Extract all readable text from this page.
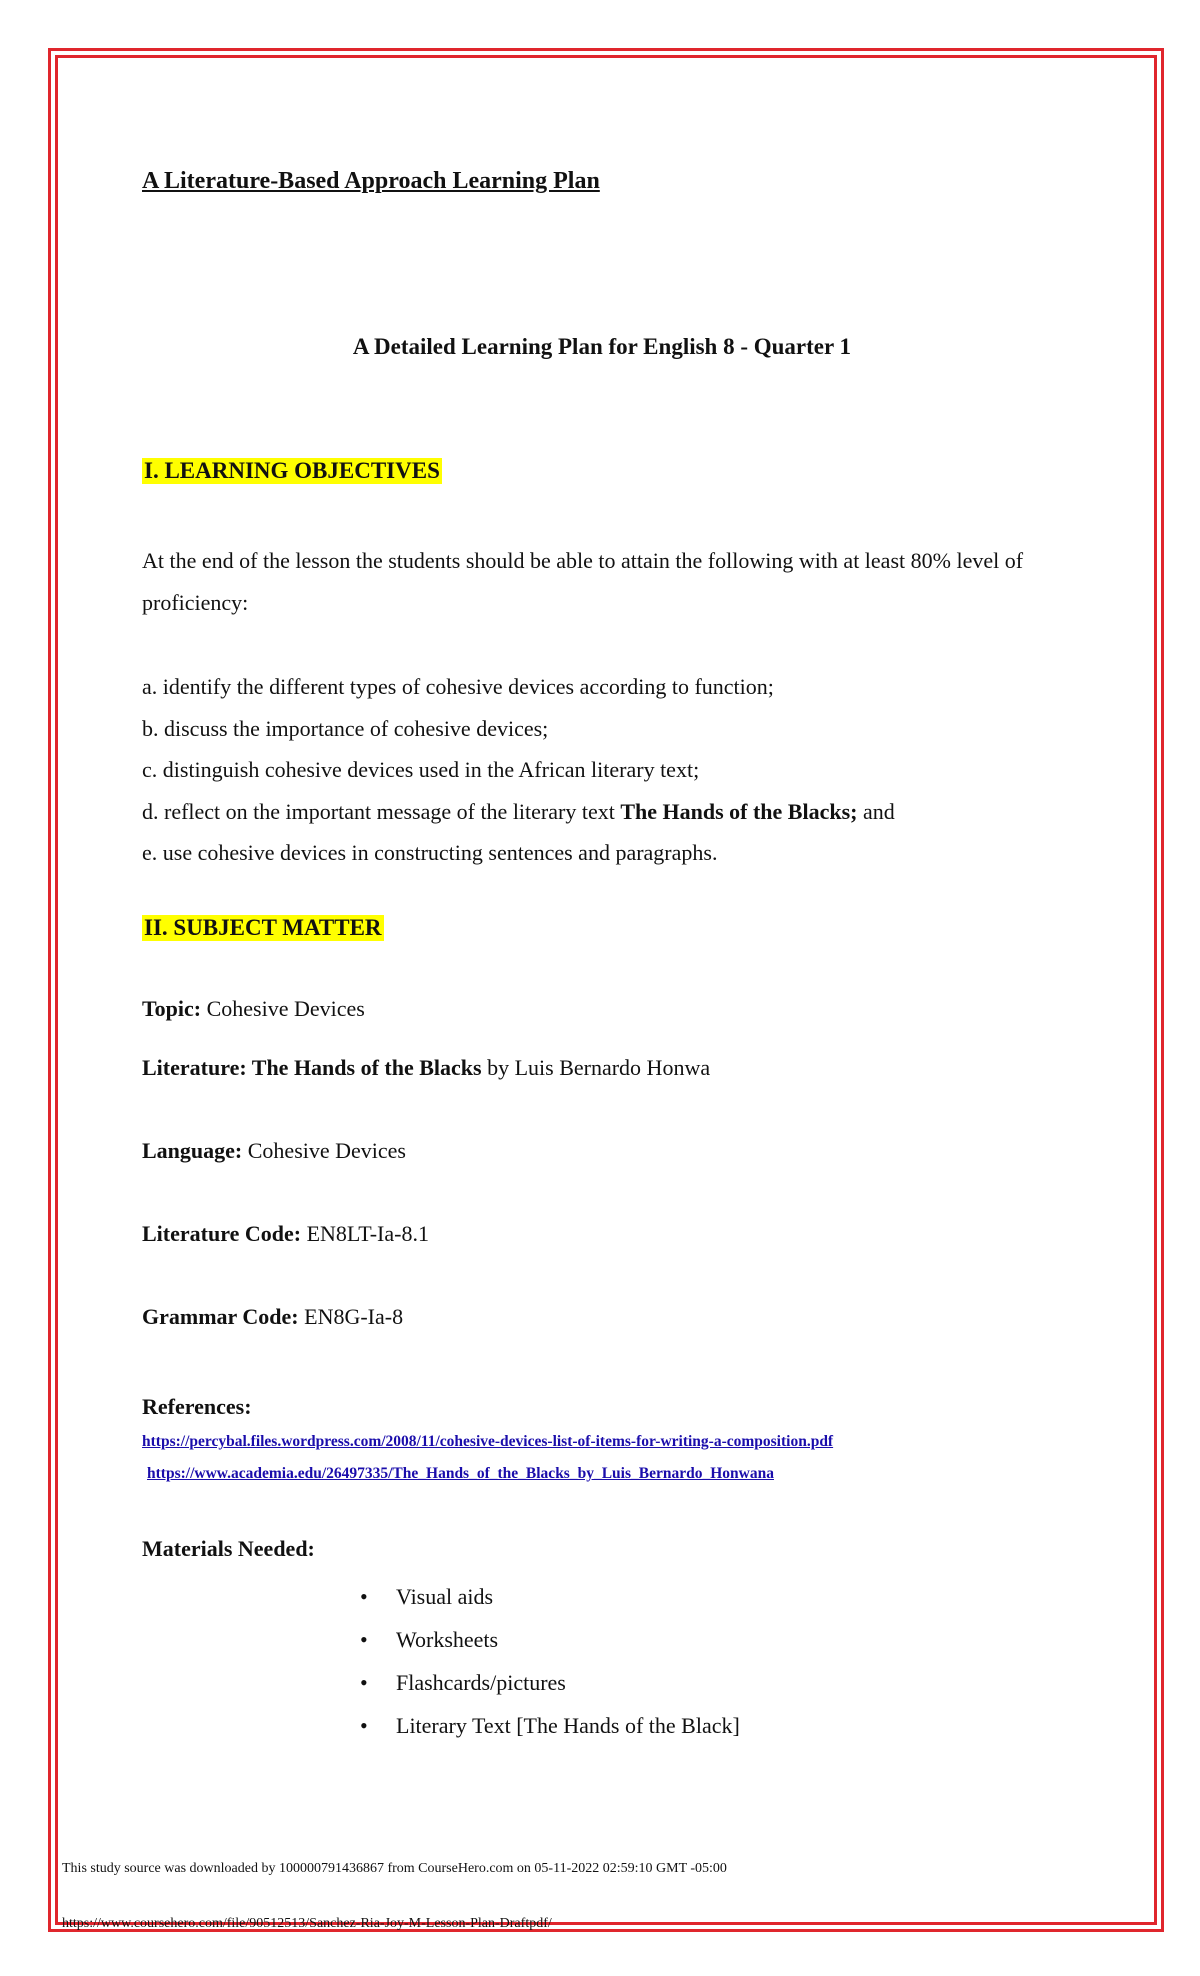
A Literature-Based Approach Learning Plan
A Detailed Learning Plan for English 8 - Quarter 1
I. LEARNING OBJECTIVES

At the end of the lesson the students should be able to attain the following with at least 80% level of proficiency:

a. identify the different types of cohesive devices according to function;
b. discuss the importance of cohesive devices;
c. distinguish cohesive devices used in the African literary text;
d. reflect on the important message of the literary text The Hands of the Blacks; and
e. use cohesive devices in constructing sentences and paragraphs.
II. SUBJECT MATTER

Topic: Cohesive Devices

Literature: The Hands of the Blacks by Luis Bernardo Honwa

Language: Cohesive Devices

Literature Code: EN8LT-Ia-8.1

Grammar Code: EN8G-Ia-8

References:

https://percybal.files.wordpress.com/2008/11/cohesive-devices-list-of-items-for-writing-a-composition.pdf
https://www.academia.edu/26497335/The_Hands_of_the_Blacks_by_Luis_Bernardo_Honwana

Materials Needed:

• Visual aids
• Worksheets
• Flashcards/pictures
• Literary Text [The Hands of the Black]

This study source was downloaded by 100000791436867 from CourseHero.com on 05-11-2022 02:59:10 GMT -05:00

https://www.coursehero.com/file/90512513/Sanchez-Ria-Joy-M-Lesson-Plan-Draftpdf/
